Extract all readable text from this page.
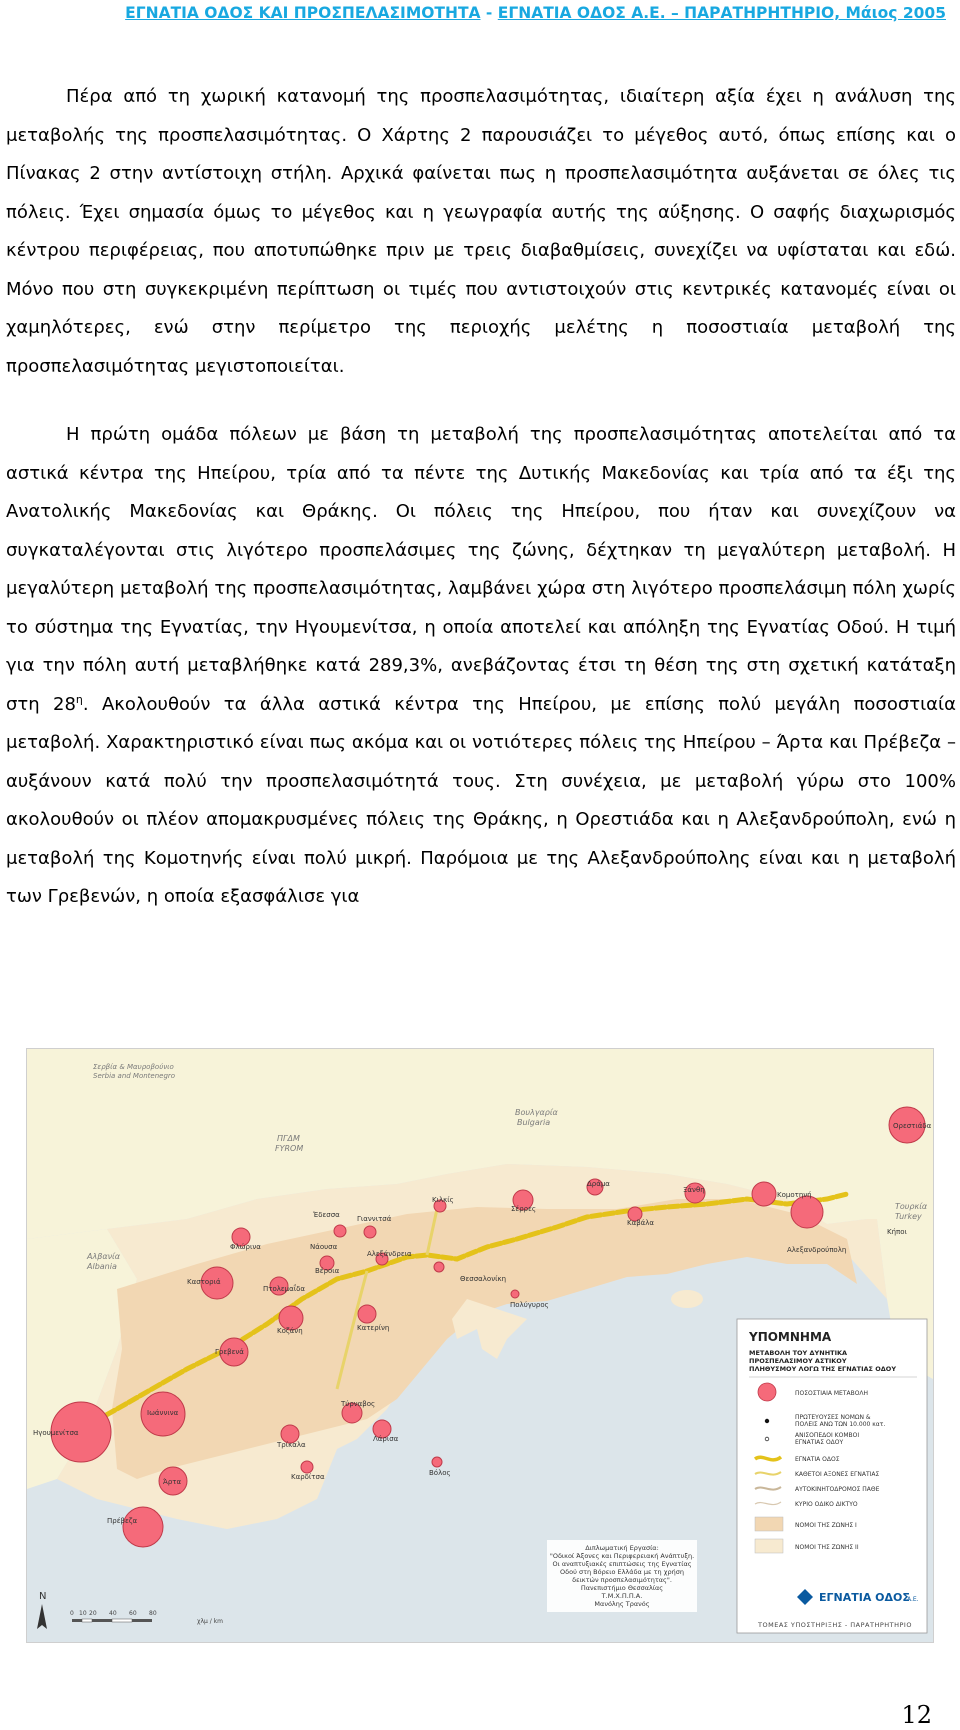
ΕΓΝΑΤΙΑ ΟΔΟΣ ΚΑΙ ΠΡΟΣΠΕΛΑΣΙΜΟΤΗΤΑ - ΕΓΝΑΤΙΑ ΟΔΟΣ Α.Ε. – ΠΑΡΑΤΗΡΗΤΗΡΙΟ, Μάιος 2005

Πέρα από τη χωρική κατανομή της προσπελασιμότητας, ιδιαίτερη αξία έχει η ανάλυση της μεταβολής της προσπελασιμότητας. Ο Χάρτης 2 παρουσιάζει το μέγεθος αυτό, όπως επίσης και ο Πίνακας 2 στην αντίστοιχη στήλη. Αρχικά φαίνεται πως η προσπελασιμότητα αυξάνεται σε όλες τις πόλεις. Έχει σημασία όμως το μέγεθος και η γεωγραφία αυτής της αύξησης. Ο σαφής διαχωρισμός κέντρου περιφέρειας, που αποτυπώθηκε πριν με τρεις διαβαθμίσεις, συνεχίζει να υφίσταται και εδώ. Μόνο που στη συγκεκριμένη περίπτωση οι τιμές που αντιστοιχούν στις κεντρικές κατανομές είναι οι χαμηλότερες, ενώ στην περίμετρο της περιοχής μελέτης η ποσοστιαία μεταβολή της προσπελασιμότητας μεγιστοποιείται.

Η πρώτη ομάδα πόλεων με βάση τη μεταβολή της προσπελασιμότητας αποτελείται από τα αστικά κέντρα της Ηπείρου, τρία από τα πέντε της Δυτικής Μακεδονίας και τρία από τα έξι της Ανατολικής Μακεδονίας και Θράκης. Οι πόλεις της Ηπείρου, που ήταν και συνεχίζουν να συγκαταλέγονται στις λιγότερο προσπελάσιμες της ζώνης, δέχτηκαν τη μεγαλύτερη μεταβολή. Η μεγαλύτερη μεταβολή της προσπελασιμότητας, λαμβάνει χώρα στη λιγότερο προσπελάσιμη πόλη χωρίς το σύστημα της Εγνατίας, την Ηγουμενίτσα, η οποία αποτελεί και απόληξη της Εγνατίας Οδού. Η τιμή για την πόλη αυτή μεταβλήθηκε κατά 289,3%, ανεβάζοντας έτσι τη θέση της στη σχετική κατάταξη στη $28^\eta$. Ακολουθούν τα άλλα αστικά κέντρα της Ηπείρου, με επίσης πολύ μεγάλη ποσοστιαία μεταβολή. Χαρακτηριστικό είναι πως ακόμα και οι νοτιότερες πόλεις της Ηπείρου – Άρτα και Πρέβεζα – αυξάνουν κατά πολύ την προσπελασιμότητά τους. Στη συνέχεια, με μεταβολή γύρω στο 100% ακολουθούν οι πλέον απομακρυσμένες πόλεις της Θράκης, η Ορεστιάδα και η Αλεξανδρούπολη, ενώ η μεταβολή της Κομοτηνής είναι πολύ μικρή. Παρόμοια με της Αλεξανδρούπολης είναι και η μεταβολή των Γρεβενών, η οποία εξασφάλισε για

Σερβία & Μαυροβούνιο
Serbia and Montenegro
ΠΓΔΜ
FYROM
Βουλγαρία
Bulgaria
Αλβανία
Albania
Τουρκία
Turkey
Ορεστιάδα
Δράμα
Ξάνθη
Κομοτηνή
Σέρρες
Κιλκίς
Έδεσσα Γιαννιτσά
Φλώρινα	Νάουσα
Αλεξάνδρεια
Καβάλα
Αλεξανδρούπολη
Κήποι
Καστοριά
Πτολεμαΐδα
Βέροια
Θεσσαλονίκη
Πολύγυρος
Κοζάνη	Κατερίνη
Γρεβενά
Ιωάννινα
Ηγουμενίτσα
Τρίκαλα
Τύρναβος
Λάρισα
Καρδίτσα	Βόλος
Άρτα
Πρέβεζα
N
0 10 20 40 60 80
χλμ / km
Διπλωματική Εργασία:
"Οδικοί Άξονες και Περιφερειακή Ανάπτυξη.
Οι αναπτυξιακές επιπτώσεις της Εγνατίας
Οδού στη Βόρειο Ελλάδα με τη χρήση
δεικτών προσπελασιμότητας".
Πανεπιστήμιο Θεσσαλίας
Τ.Μ.Χ.Π.Π.Α.
Μανόλης Τρανός
ΥΠΟΜΝΗΜΑ
ΜΕΤΑΒΟΛΗ ΤΟΥ ΔΥΝΗΤΙΚΑ
ΠΡΟΣΠΕΛΑΣΙΜΟΥ ΑΣΤΙΚΟΥ
ΠΛΗΘΥΣΜΟΥ ΛΟΓΩ ΤΗΣ ΕΓΝΑΤΙΑΣ ΟΔΟΥ
ΠΟΣΟΣΤΙΑΙΑ ΜΕΤΑΒΟΛΗ
ΠΡΩΤΕΥΟΥΣΕΣ ΝΟΜΩΝ &
ΠΟΛΕΙΣ ΑΝΩ ΤΩΝ 10.000 κατ.
ΑΝΙΣΟΠΕΔΟΙ ΚΟΜΒΟΙ
ΕΓΝΑΤΙΑΣ ΟΔΟΥ
ΕΓΝΑΤΙΑ ΟΔΟΣ
ΚΑΘΕΤΟΙ ΑΞΟΝΕΣ ΕΓΝΑΤΙΑΣ
ΑΥΤΟΚΙΝΗΤΟΔΡΟΜΟΣ ΠΑΘΕ
ΚΥΡΙΟ ΟΔΙΚΟ ΔΙΚΤΥΟ
ΝΟΜΟΙ ΤΗΣ ΖΩΝΗΣ Ι
ΝΟΜΟΙ ΤΗΣ ΖΩΝΗΣ ΙΙ
ΕΓΝΑΤΙΑ ΟΔΟΣ
A.E.
ΤΟΜΕΑΣ ΥΠΟΣΤΗΡΙΞΗΣ - ΠΑΡΑΤΗΡΗΤΗΡΙΟ
12
